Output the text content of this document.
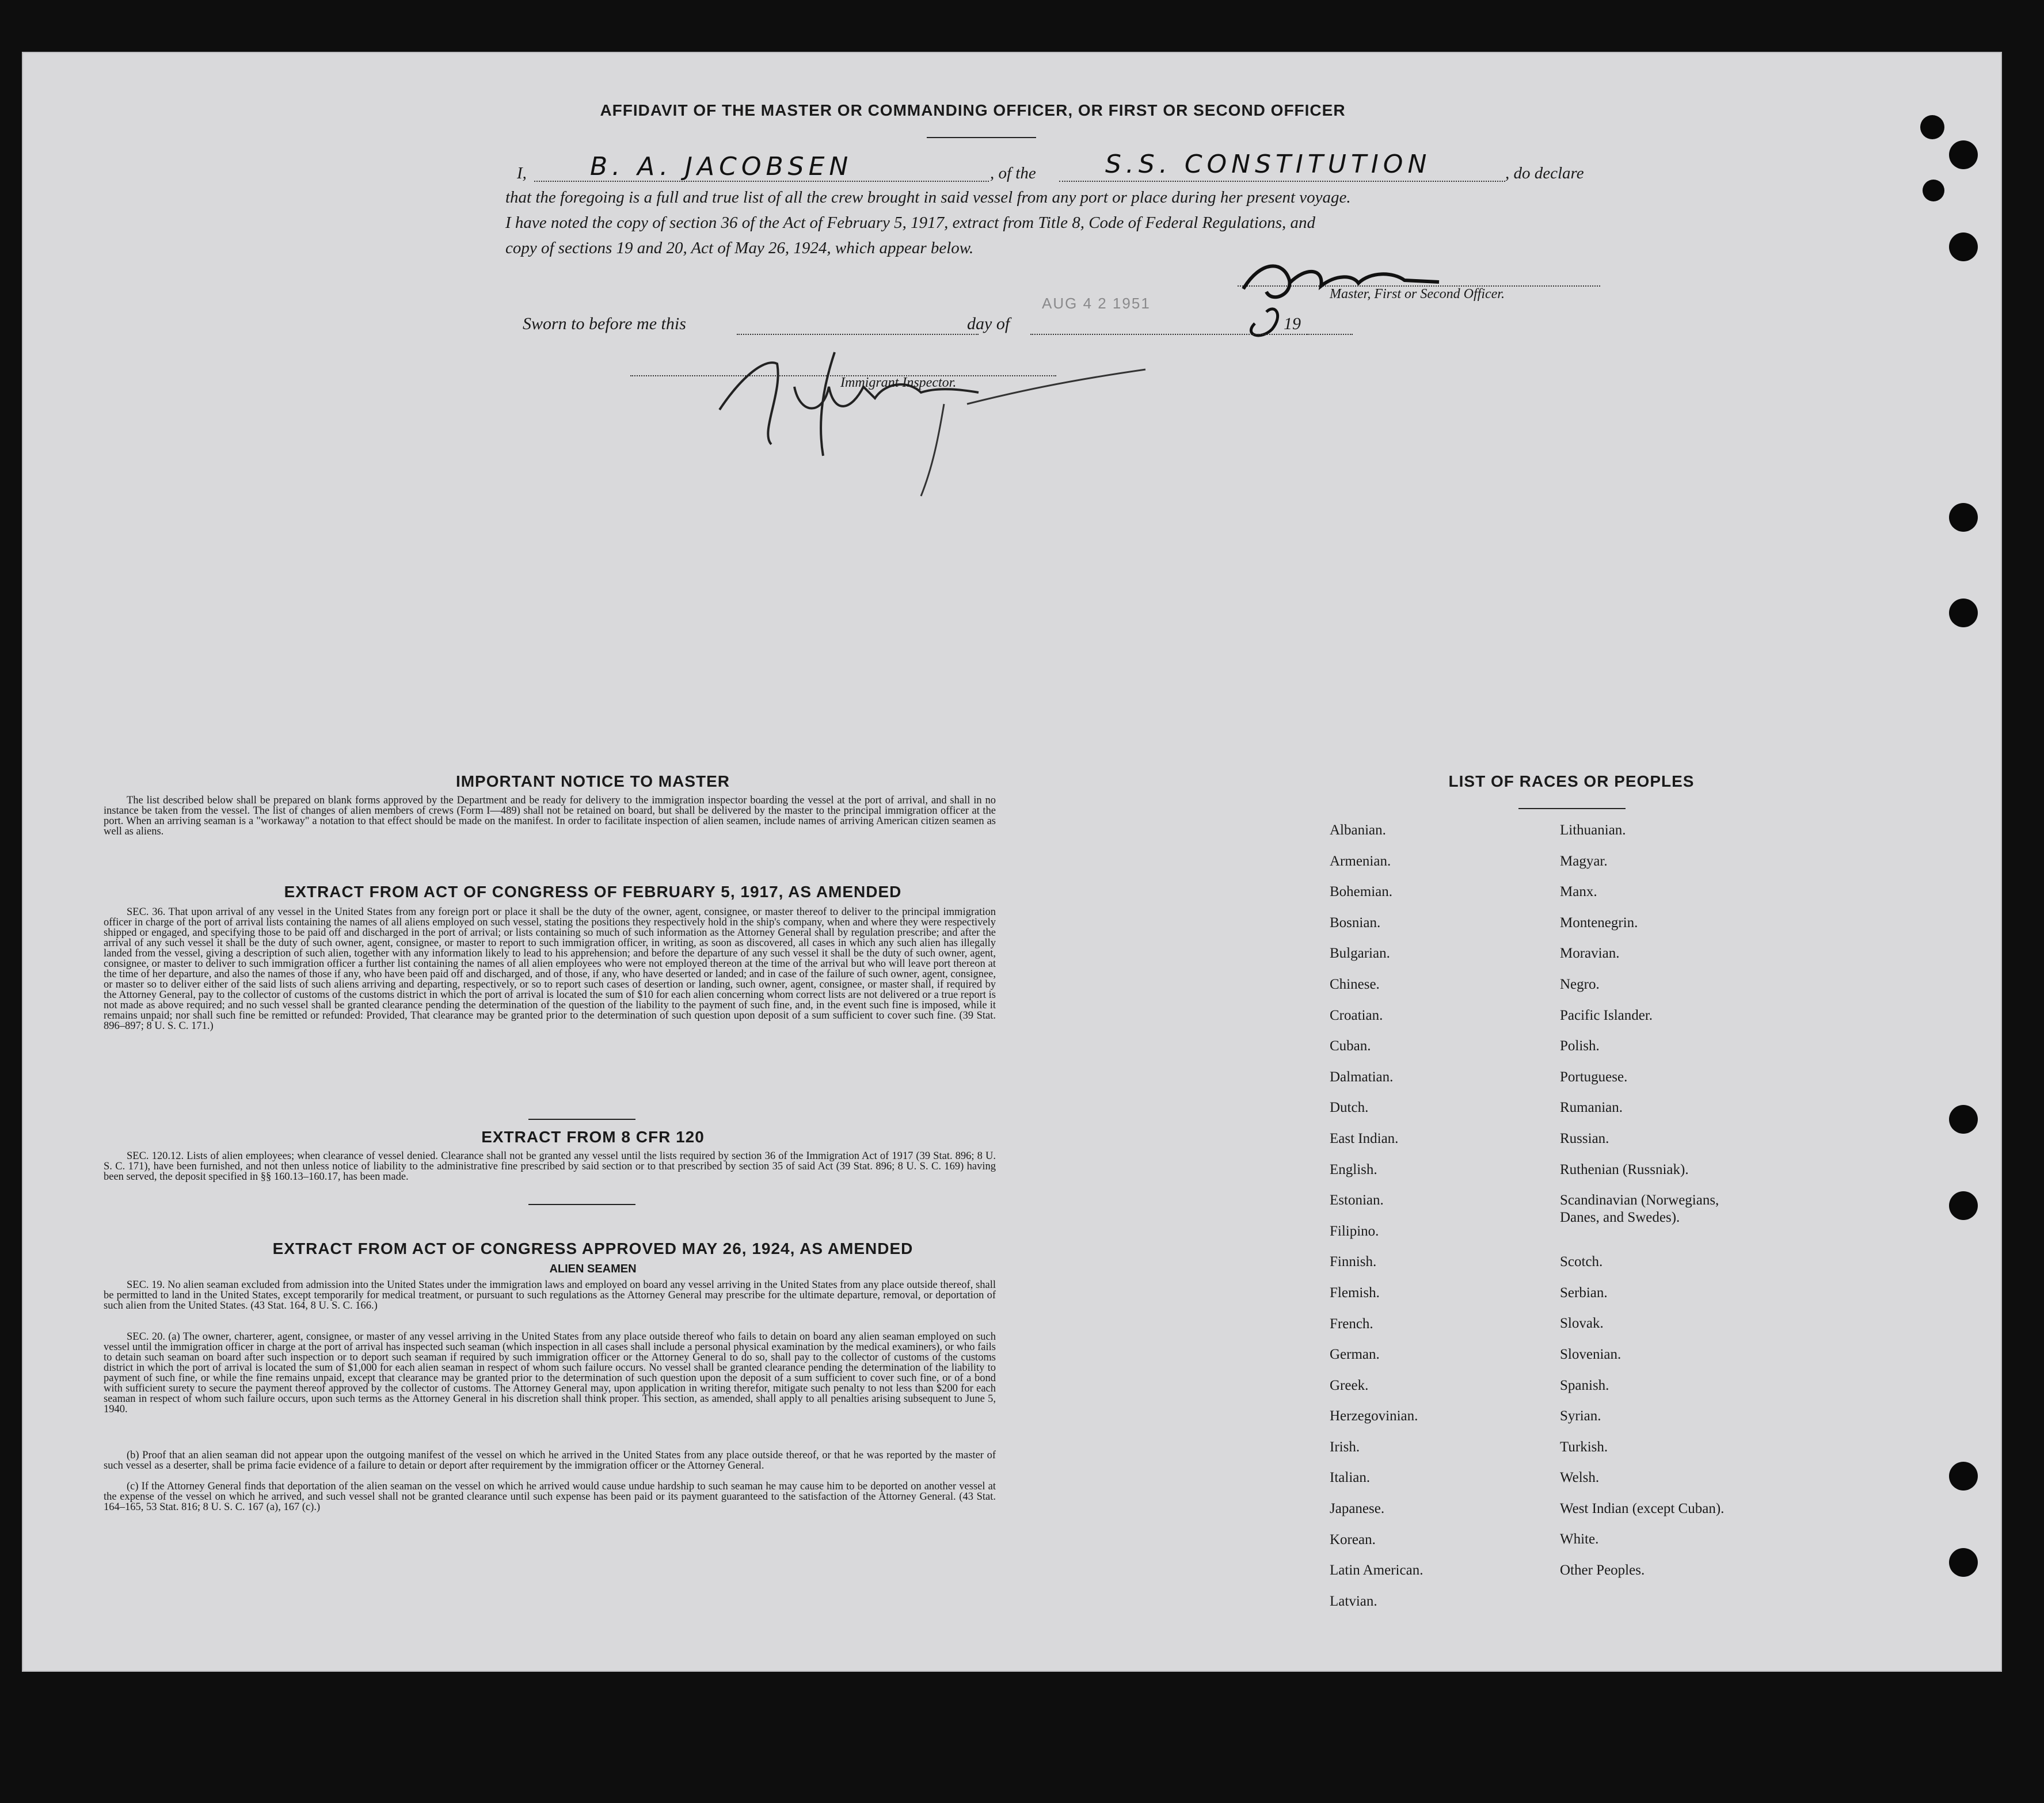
AFFIDAVIT OF THE MASTER OR COMMANDING OFFICER, OR FIRST OR SECOND OFFICER
I,	B. A. JACOBSEN	, of the	S.S. CONSTITUTION	, do declare
that the foregoing is a full and true list of all the crew brought in said vessel from any port or place during her present voyage.
I have noted the copy of section 36 of the Act of February 5, 1917, extract from Title 8, Code of Federal Regulations, and
copy of sections 19 and 20, Act of May 26, 1924, which appear below.
Master, First or Second Officer.
Sworn to before me this	day of
AUG 4 2 1951
19
Immigrant Inspector.
IMPORTANT NOTICE TO MASTER
The list described below shall be prepared on blank forms approved by the Department and be ready for delivery to the immigration inspector boarding the vessel at the port of arrival, and shall in no instance be taken from the vessel. The list of changes of alien members of crews (Form I—489) shall not be retained on board, but shall be delivered by the master to the principal immigration officer at the port. When an arriving seaman is a "workaway" a notation to that effect should be made on the manifest. In order to facilitate inspection of alien seamen, include names of arriving American citizen seamen as well as aliens.
EXTRACT FROM ACT OF CONGRESS OF FEBRUARY 5, 1917, AS AMENDED
SEC. 36. That upon arrival of any vessel in the United States from any foreign port or place it shall be the duty of the owner, agent, consignee, or master thereof to deliver to the principal immigration officer in charge of the port of arrival lists containing the names of all aliens employed on such vessel, stating the positions they respectively hold in the ship's company, when and where they were respectively shipped or engaged, and specifying those to be paid off and discharged in the port of arrival; or lists containing so much of such information as the Attorney General shall by regulation prescribe; and after the arrival of any such vessel it shall be the duty of such owner, agent, consignee, or master to report to such immigration officer, in writing, as soon as discovered, all cases in which any such alien has illegally landed from the vessel, giving a description of such alien, together with any information likely to lead to his apprehension; and before the departure of any such vessel it shall be the duty of such owner, agent, consignee, or master to deliver to such immigration officer a further list containing the names of all alien employees who were not employed thereon at the time of the arrival but who will leave port thereon at the time of her departure, and also the names of those if any, who have been paid off and discharged, and of those, if any, who have deserted or landed; and in case of the failure of such owner, agent, consignee, or master so to deliver either of the said lists of such aliens arriving and departing, respectively, or so to report such cases of desertion or landing, such owner, agent, consignee, or master shall, if required by the Attorney General, pay to the collector of customs of the customs district in which the port of arrival is located the sum of $10 for each alien concerning whom correct lists are not delivered or a true report is not made as above required; and no such vessel shall be granted clearance pending the determination of the question of the liability to the payment of such fine, and, in the event such fine is imposed, while it remains unpaid; nor shall such fine be remitted or refunded: Provided, That clearance may be granted prior to the determination of such question upon deposit of a sum sufficient to cover such fine. (39 Stat. 896–897; 8 U. S. C. 171.)
EXTRACT FROM 8 CFR 120
SEC. 120.12. Lists of alien employees; when clearance of vessel denied. Clearance shall not be granted any vessel until the lists required by section 36 of the Immigration Act of 1917 (39 Stat. 896; 8 U. S. C. 171), have been furnished, and not then unless notice of liability to the administrative fine prescribed by said section or to that prescribed by section 35 of said Act (39 Stat. 896; 8 U. S. C. 169) having been served, the deposit specified in §§ 160.13–160.17, has been made.
EXTRACT FROM ACT OF CONGRESS APPROVED MAY 26, 1924, AS AMENDED
ALIEN SEAMEN
SEC. 19. No alien seaman excluded from admission into the United States under the immigration laws and employed on board any vessel arriving in the United States from any place outside thereof, shall be permitted to land in the United States, except temporarily for medical treatment, or pursuant to such regulations as the Attorney General may prescribe for the ultimate departure, removal, or deportation of such alien from the United States. (43 Stat. 164, 8 U. S. C. 166.)
SEC. 20. (a) The owner, charterer, agent, consignee, or master of any vessel arriving in the United States from any place outside thereof who fails to detain on board any alien seaman employed on such vessel until the immigration officer in charge at the port of arrival has inspected such seaman (which inspection in all cases shall include a personal physical examination by the medical examiners), or who fails to detain such seaman on board after such inspection or to deport such seaman if required by such immigration officer or the Attorney General to do so, shall pay to the collector of customs of the customs district in which the port of arrival is located the sum of $1,000 for each alien seaman in respect of whom such failure occurs. No vessel shall be granted clearance pending the determination of the liability to payment of such fine, or while the fine remains unpaid, except that clearance may be granted prior to the determination of such question upon the deposit of a sum sufficient to cover such fine, or of a bond with sufficient surety to secure the payment thereof approved by the collector of customs. The Attorney General may, upon application in writing therefor, mitigate such penalty to not less than $200 for each seaman in respect of whom such failure occurs, upon such terms as the Attorney General in his discretion shall think proper. This section, as amended, shall apply to all penalties arising subsequent to June 5, 1940.
(b) Proof that an alien seaman did not appear upon the outgoing manifest of the vessel on which he arrived in the United States from any place outside thereof, or that he was reported by the master of such vessel as a deserter, shall be prima facie evidence of a failure to detain or deport after requirement by the immigration officer or the Attorney General.
(c) If the Attorney General finds that deportation of the alien seaman on the vessel on which he arrived would cause undue hardship to such seaman he may cause him to be deported on another vessel at the expense of the vessel on which he arrived, and such vessel shall not be granted clearance until such expense has been paid or its payment guaranteed to the satisfaction of the Attorney General. (43 Stat. 164–165, 53 Stat. 816; 8 U. S. C. 167 (a), 167 (c).)
LIST OF RACES OR PEOPLES
Albanian.
Armenian.
Bohemian.
Bosnian.
Bulgarian.
Chinese.
Croatian.
Cuban.
Dalmatian.
Dutch.
East Indian.
English.
Estonian.
Filipino.
Finnish.
Flemish.
French.
German.
Greek.
Herzegovinian.
Irish.
Italian.
Japanese.
Korean.
Latin American.
Latvian.
Lithuanian.
Magyar.
Manx.
Montenegrin.
Moravian.
Negro.
Pacific Islander.
Polish.
Portuguese.
Rumanian.
Russian.
Ruthenian (Russniak).
Scandinavian (Norwegians, Danes, and Swedes).
Scotch.
Serbian.
Slovak.
Slovenian.
Spanish.
Syrian.
Turkish.
Welsh.
West Indian (except Cuban).
White.
Other Peoples.
